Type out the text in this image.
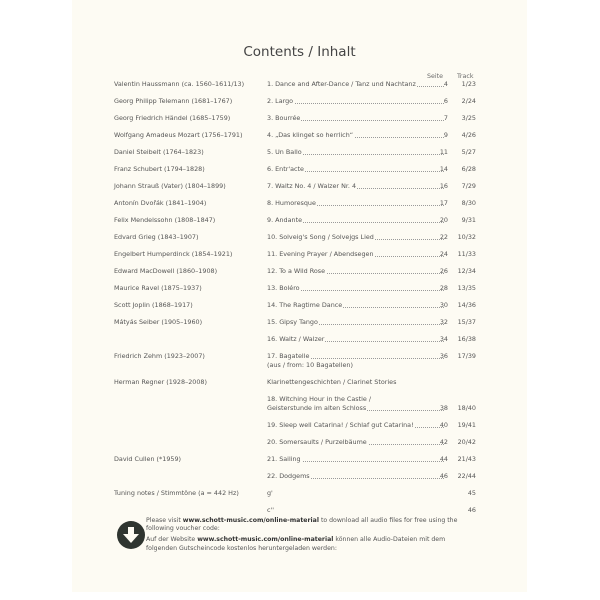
Contents / Inhalt
Seite Track
Valentin Haussmann (ca. 1560–1611/13)	1. Dance and After-Dance / Tanz und Nachtanz	4	1/23
Georg Philipp Telemann (1681–1767)	2. Largo	6	2/24
Georg Friedrich Händel (1685–1759)	3. Bourrée	7	3/25
Wolfgang Amadeus Mozart (1756–1791)	4. „Das klinget so herrlich“	9	4/26
Daniel Steibelt (1764–1823)	5. Un Ballo	11	5/27
Franz Schubert (1794–1828)	6. Entr'acte	14	6/28
Johann Strauß (Vater) (1804–1899)	7. Waltz No. 4 / Walzer Nr. 4	16	7/29
Antonín Dvořák (1841–1904)	8. Humoresque	17	8/30
Felix Mendelssohn (1808–1847)	9. Andante	20	9/31
Edvard Grieg (1843–1907)	10. Solveig's Song / Solvejgs Lied	22	10/32
Engelbert Humperdinck (1854–1921)	11. Evening Prayer / Abendsegen	24	11/33
Edward MacDowell (1860–1908)	12. To a Wild Rose	26	12/34
Maurice Ravel (1875–1937)	13. Boléro	28	13/35
Scott Joplin (1868–1917)	14. The Ragtime Dance	30	14/36
Mátyás Seiber (1905–1960)	15. Gipsy Tango	32	15/37
16. Waltz / Walzer	34	16/38
Friedrich Zehm (1923–2007)	17. Bagatelle	36	17/39
(aus / from: 10 Bagatellen)
Herman Regner (1928–2008)	Klarinettengeschichten / Clarinet Stories
18. Witching Hour in the Castle /
Geisterstunde im alten Schloss	38	18/40
19. Sleep well Catarina! / Schlaf gut Catarina!	40	19/41
20. Somersaults / Purzelbäume	42	20/42
David Cullen (*1959)	21. Sailing	44	21/43
22. Dodgems	46	22/44
Tuning notes / Stimmtöne (a = 442 Hz)	g'	45
c''	46

Please visit www.schott-music.com/online-material to download all audio files for free using the following voucher code:

Auf der Website www.schott-music.com/online-material können alle Audio-Dateien mit dem folgenden Gutscheincode kostenlos heruntergeladen werden:
